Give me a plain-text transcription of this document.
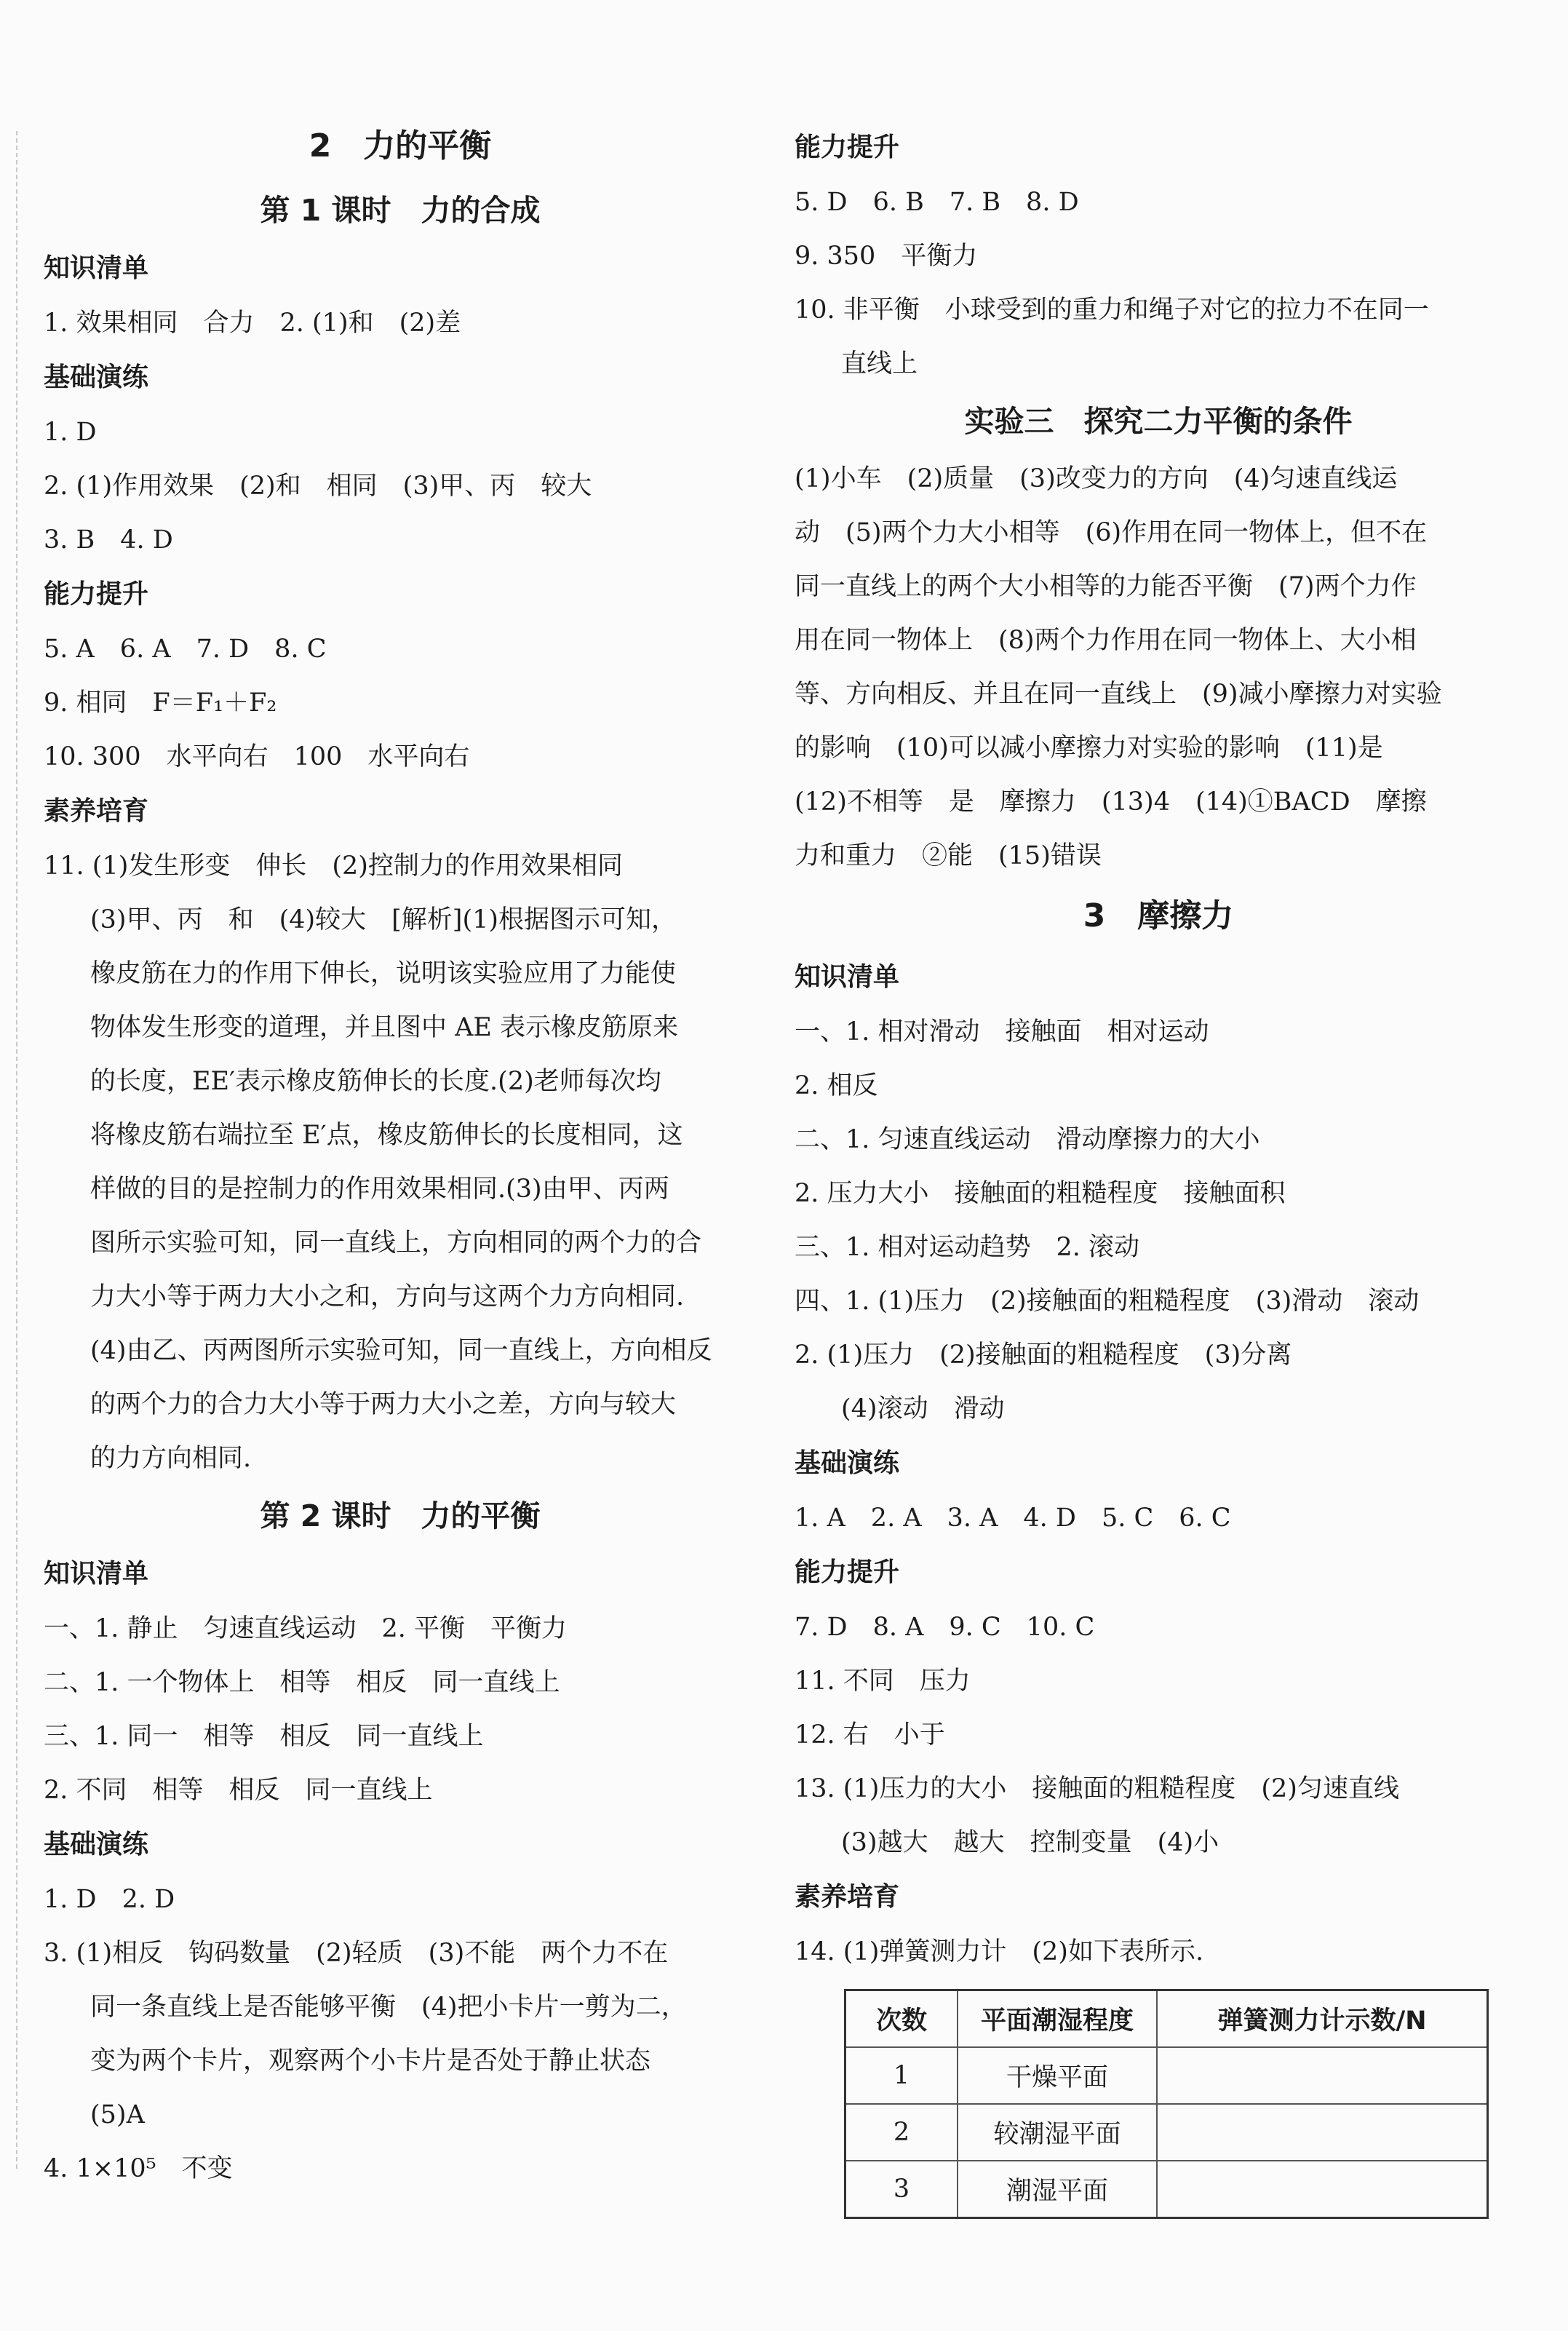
2　力的平衡
第 1 课时　力的合成
知识清单
1. 效果相同　合力　2. (1)和　(2)差
基础演练
1. D
2. (1)作用效果　(2)和　相同　(3)甲、丙　较大
3. B　4. D
能力提升
5. A　6. A　7. D　8. C
9. 相同　F＝F₁＋F₂
10. 300　水平向右　100　水平向右
素养培育
11. (1)发生形变　伸长　(2)控制力的作用效果相同
(3)甲、丙　和　(4)较大　[解析](1)根据图示可知，
橡皮筋在力的作用下伸长，说明该实验应用了力能使
物体发生形变的道理，并且图中 AE 表示橡皮筋原来
的长度，EE′表示橡皮筋伸长的长度.(2)老师每次均
将橡皮筋右端拉至 E′点，橡皮筋伸长的长度相同，这
样做的目的是控制力的作用效果相同.(3)由甲、丙两
图所示实验可知，同一直线上，方向相同的两个力的合
力大小等于两力大小之和，方向与这两个力方向相同.
(4)由乙、丙两图所示实验可知，同一直线上，方向相反
的两个力的合力大小等于两力大小之差，方向与较大
的力方向相同.
第 2 课时　力的平衡
知识清单
一、1. 静止　匀速直线运动　2. 平衡　平衡力
二、1. 一个物体上　相等　相反　同一直线上
三、1. 同一　相等　相反　同一直线上
2. 不同　相等　相反　同一直线上
基础演练
1. D　2. D
3. (1)相反　钩码数量　(2)轻质　(3)不能　两个力不在
同一条直线上是否能够平衡　(4)把小卡片一剪为二，
变为两个卡片，观察两个小卡片是否处于静止状态
(5)A
4. 1×10⁵　不变
能力提升
5. D　6. B　7. B　8. D
9. 350　平衡力
10. 非平衡　小球受到的重力和绳子对它的拉力不在同一
直线上
实验三　探究二力平衡的条件
(1)小车　(2)质量　(3)改变力的方向　(4)匀速直线运
动　(5)两个力大小相等　(6)作用在同一物体上，但不在
同一直线上的两个大小相等的力能否平衡　(7)两个力作
用在同一物体上　(8)两个力作用在同一物体上、大小相
等、方向相反、并且在同一直线上　(9)减小摩擦力对实验
的影响　(10)可以减小摩擦力对实验的影响　(11)是
(12)不相等　是　摩擦力　(13)4　(14)①BACD　摩擦
力和重力　②能　(15)错误
3　摩擦力
知识清单
一、1. 相对滑动　接触面　相对运动
2. 相反
二、1. 匀速直线运动　滑动摩擦力的大小
2. 压力大小　接触面的粗糙程度　接触面积
三、1. 相对运动趋势　2. 滚动
四、1. (1)压力　(2)接触面的粗糙程度　(3)滑动　滚动
2. (1)压力　(2)接触面的粗糙程度　(3)分离
(4)滚动　滑动
基础演练
1. A　2. A　3. A　4. D　5. C　6. C
能力提升
7. D　8. A　9. C　10. C
11. 不同　压力
12. 右　小于
13. (1)压力的大小　接触面的粗糙程度　(2)匀速直线
(3)越大　越大　控制变量　(4)小
素养培育
14. (1)弹簧测力计　(2)如下表所示.
次数	平面潮湿程度	弹簧测力计示数/N
1	干燥平面	
2	较潮湿平面	
3	潮湿平面	
